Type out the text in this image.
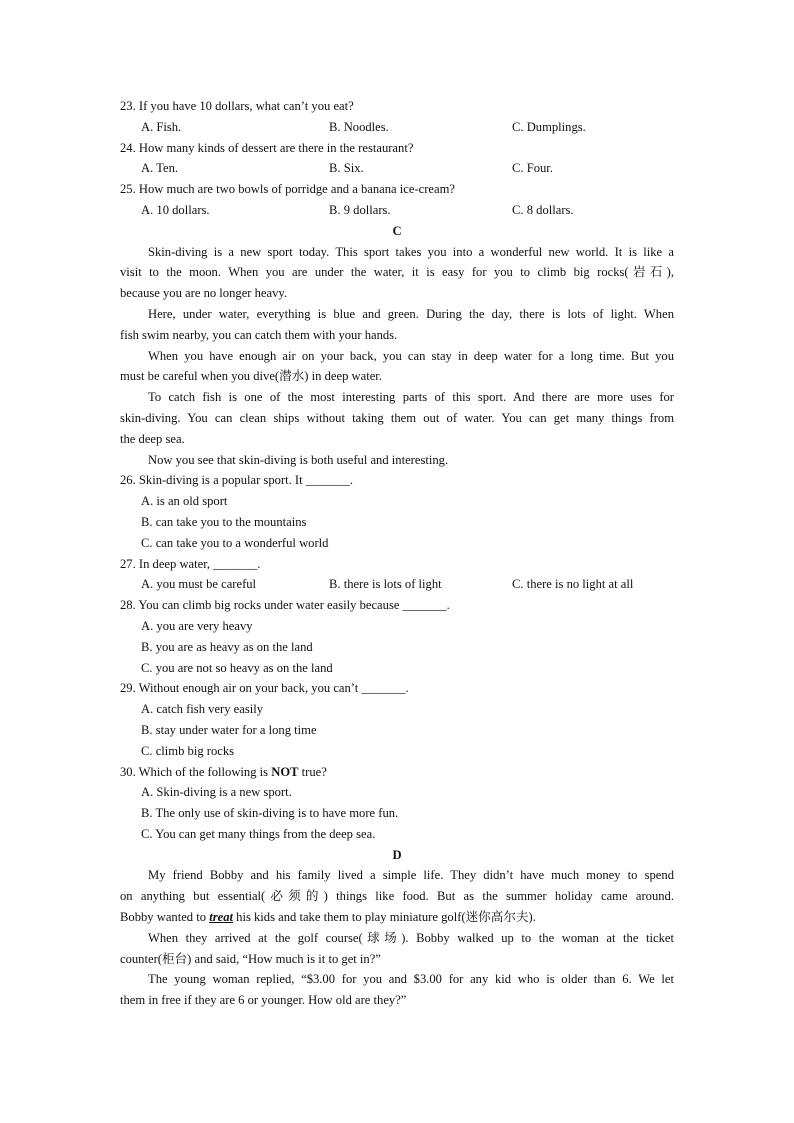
23. If you have 10 dollars, what can’t you eat?
A. Fish.	B. Noodles.	C. Dumplings.
24. How many kinds of dessert are there in the restaurant?
A. Ten.	B. Six.	C. Four.
25. How much are two bowls of porridge and a banana ice-cream?
A. 10 dollars.	B. 9 dollars.	C. 8 dollars.
C
Skin-diving is a new sport today. This sport takes you into a wonderful new world. It is like a
visit to the moon. When you are under the water, it is easy for you to climb big rocks(岩石),
because you are no longer heavy.
Here, under water, everything is blue and green. During the day, there is lots of light. When
fish swim nearby, you can catch them with your hands.
When you have enough air on your back, you can stay in deep water for a long time. But you
must be careful when you dive(潜水) in deep water.
To catch fish is one of the most interesting parts of this sport. And there are more uses for
skin-diving. You can clean ships without taking them out of water. You can get many things from
the deep sea.
Now you see that skin-diving is both useful and interesting.
26. Skin-diving is a popular sport. It _______.
A. is an old sport
B. can take you to the mountains
C. can take you to a wonderful world
27. In deep water, _______.
A. you must be careful	B. there is lots of light	C. there is no light at all
28. You can climb big rocks under water easily because _______.
A. you are very heavy
B. you are as heavy as on the land
C. you are not so heavy as on the land
29. Without enough air on your back, you can’t _______.
A. catch fish very easily
B. stay under water for a long time
C. climb big rocks
30. Which of the following is NOT true?
A. Skin-diving is a new sport.
B. The only use of skin-diving is to have more fun.
C. You can get many things from the deep sea.
D
My friend Bobby and his family lived a simple life. They didn’t have much money to spend
on anything but essential(必须的) things like food. But as the summer holiday came around.
Bobby wanted to treat his kids and take them to play miniature golf(迷你高尔夫).
When they arrived at the golf course(球场). Bobby walked up to the woman at the ticket
counter(柜台) and said, “How much is it to get in?”
The young woman replied, “$3.00 for you and $3.00 for any kid who is older than 6. We let
them in free if they are 6 or younger. How old are they?”
